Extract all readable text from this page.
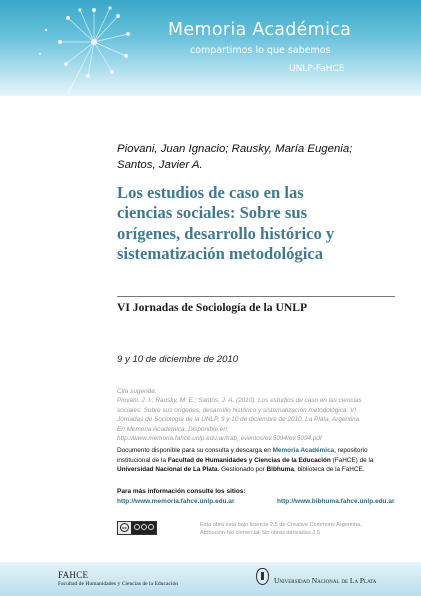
Memoria Académica
compartimos lo que sabemos
UNLP-FaHCE
Piovani, Juan Ignacio; Rausky, María Eugenia;
Santos, Javier A.
Los estudios de caso en las
ciencias sociales: Sobre sus
orígenes, desarrollo histórico y
sistematización metodológica
VI Jornadas de Sociología de la UNLP
9 y 10 de diciembre de 2010
Cita sugerida:
Piovani, J. I.; Rausky, M. E.; Santos, J. A. (2010). Los estudios de caso en las ciencias
sociales: Sobre sus orígenes, desarrollo histórico y sistematización metodológica. VI
Jornadas de Sociología de la UNLP, 9 y 10 de diciembre de 2010, La Plata, Argentina.
En Memoria Académica. Disponible en:
http://www.memoria.fahce.unlp.edu.ar/trab_eventos/ev.5094/ev.5094.pdf
Documento disponible para su consulta y descarga en Memoria Académica, repositorio
institucional de la Facultad de Humanidades y Ciencias de la Educación (FaHCE) de la
Universidad Nacional de La Plata. Gestionado por Bibhuma, biblioteca de la FaHCE.
Para más información consulte los sitios:
http://www.memoria.fahce.unlp.edu.ar	http://www.bibhuma.fahce.unlp.edu.ar
cc	Esta obra está bajo licencia 2.5 de Creative Commons Argentina.
Atribución-No comercial-Sin obras derivadas 2.5
FAHCE
Facultad de Humanidades y Ciencias de la Educación	Universidad Nacional de La Plata
